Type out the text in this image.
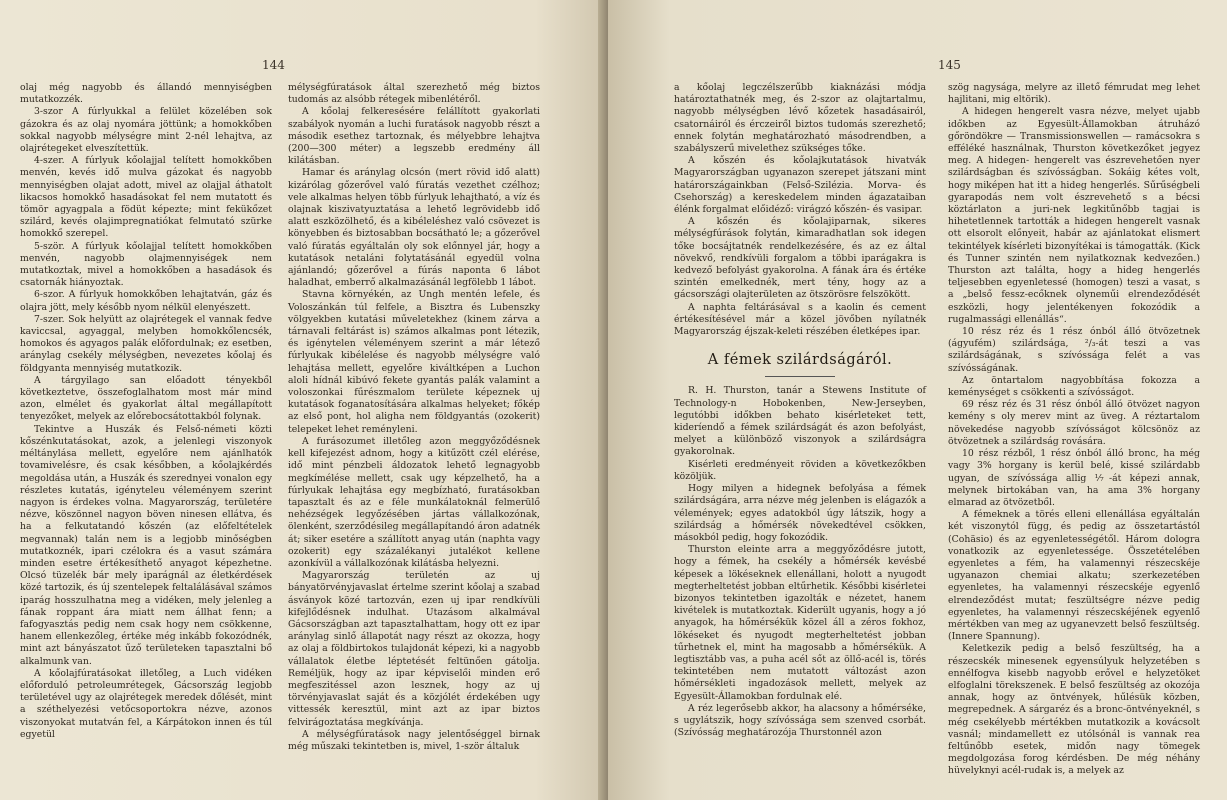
144

olaj még nagyobb és állandó mennyiségben mutatkozzék.

3-szor A fúrlyukkal a felület közelében sok gázokra és az olaj nyomára jöttünk; a homokkőben sokkal nagyobb mélységre mint 2-nél lehajtva, az olajrétegeket elveszítettük.

4-szer. A fúrlyuk kőolajjal telített homokkőben menvén, kevés idő mulva gázokat és nagyobb mennyiségben olajat adott, mivel az olajjal áthatolt likacsos homokkő hasadásokat fel nem mutatott és tömör agyagpala a födüt képezte; mint fekükőzet szilárd, kevés olajimpregnatiókat felmutató szürke homokkő szerepel.

5-ször. A fúrlyuk kőolajjal telített homokkőben menvén, nagyobb olajmennyiségek nem mutatkoztak, mivel a homokkőben a hasadások és csatornák hiányoztak.

6-szor. A fúrlyuk homokkőben lehajtatván, gáz és olajra jött, mely később nyom nélkül elenyészett.

7-szer. Sok helyütt az olajrétegek el vannak fedve kaviccsal, agyaggal, melyben homokkőlencsék, homokos és agyagos palák előfordulnak; ez esetben, aránylag csekély mélységben, nevezetes kőolaj és földgyanta mennyiség mutatkozik.

A tárgyilago san előadott tényekből következtetve, összefoglalhatom most már mind azon, elmélet és gyakorlat által megállapított tenyezőket, melyek az előrebocsátottakból folynak.

Tekintve a Huszák és Felső-németi közti kőszénkutatásokat, azok, a jelenlegi viszonyok méltánylása mellett, egyelőre nem ajánlhatók tovamivelésre, és csak későbben, a kőolajkérdés megoldása után, a Huszák és szerednyei vonalon egy részletes kutatás, igényteleu véleményem szerint nagyon is érdekes volna. Magyarország, területére nézve, köszönnel nagyon böven ninesen ellátva, és ha a felkutatandó kőszén (az előfeltételek megvannak) talán nem is a legjobb minőségben mutatkoznék, ipari czélokra és a vasut számára minden esetre értékesíthető anyagot képezhetne. Olcsó tüzelék bár mely iparágnál az életkérdések közé tartozik, és új szentelepek feltalálásával számos iparág hosszulhatna meg a vidéken, mely jelenleg a fának roppant ára miatt nem állhat fenn; a fafogyasztás pedig nem csak hogy nem csökkenne, hanem ellenkezőleg, értéke még inkább fokozódnék, mint azt bányászatot űző területeken tapasztalni bő alkalmunk van.

A kőolajfúratásokat illetőleg, a Luch vidéken előforduló petroleumrétegek, Gácsország legjobb területével ugy az olajrétegek meredek dőlését, mint a széthelyezési vetőcsoportokra nézve, azonos viszonyokat mutatván fel, a Kárpátokon innen és túl egyetül

mélységfúratások által szerezhető még biztos tudomás az alsóbb rétegek mibenlétéről.

A kőolaj felkeresésére felállított gyakorlati szabályok nyomán a luchi furatások nagyobb részt a második esethez tartoznak, és mélyebbre lehajtva (200—300 méter) a legszebb eredmény áll kilátásban.

Hamar és aránylag olcsón (mert rövid idő alatt) kizárólag gőzerővel való fúratás vezethet czélhoz; vele alkalmas helyen több fúrlyuk lehajtható, a víz és olajnak kiszivatyuztatása a lehető legrövidebb idő alatt eszközölhető, és a kibéleléshez való csövezet is könyebben és biztosabban bocsátható le; a gőzerővel való fúratás egyáltalán oly sok előnnyel jár, hogy a kutatások netaláni folytatásánál egyedül volna ajánlandó; gőzerővel a fúrás naponta 6 lábot haladhat, emberrő alkalmazásánál legfölebb 1 lábot.

Stavna környékén, az Ungh mentén lefele, és Voloszánkán túl felfele, a Bisztra és Lubenszky völgyekben kutatási műveletekhez (kinem zárva a tárnavali feltárást is) számos alkalmas pont létezik, és igénytelen véleményem szerint a már létező fúrlyukak kibélelése és nagyobb mélységre való lehajtása mellett, egyelőre kiváltképen a Luchon aloli hídnál kibúvó fekete gyantás palák valamint a voloszonkai fűrészmalom területe képeznek uj kutatások foganatosítására alkalmas helyeket; főkép az első pont, hol aligha nem földgyantás (ozokerit) telepeket lehet reményleni.

A furásozumet illetőleg azon meggyőződésnek kell kifejezést adnom, hogy a kitűzött czél elérése, idő mint pénzbeli áldozatok lehető legnagyobb megkímélése mellett, csak ugy képzelhető, ha a fúrlyukak lehajtása egy megbízható, furatásokban tapasztalt és az e féle munkálatoknál felmerülő nehézségek legyőzésében jártas vállalkozónak, ölenként, szerződésileg megállapítandó áron adatnék át; siker esetére a szállított anyag után (naphta vagy ozokerit) egy százalékanyi jutalékot kellene azonkívül a vállalkozónak kilátásba helyezni.

Magyarország területén az uj bányatörvényjavaslat értelme szerint kőolaj a szabad ásványok közé tartozván, ezen uj ipar rendkívüli kifejlődésnek indulhat. Utazásom alkalmával Gácsországban azt tapasztalhattam, hogy ott ez ipar aránylag sinlő állapotát nagy részt az okozza, hogy az olaj a földbirtokos tulajdonát képezi, ki a nagyobb vállalatok életbe léptetését feltünően gátolja. Reméljük, hogy az ipar képviselői minden erő megfeszitéssel azon lesznek, hogy az uj törvényjavaslat saját és a közjólét érdekében ugy vittessék keresztül, mint azt az ipar biztos felvirágoztatása megkívánja.

A mélységfúratások nagy jelentőséggel birnak még műszaki tekintetben is, mivel, 1-ször általuk

145

a kőolaj legczélszerűbb kiaknázási módja határoztathatnék meg, és 2-szor az olajtartalmu, nagyobb mélységben lévő kőzetek hasadásairól, csatornáiról és érczeiről biztos tudomás szerezhető; ennek folytán meghatározható másodrendben, a szabályszerű mivelethez szükséges tőke.

A kőszén és kőolajkutatások hivatvák Magyarországban ugyanazon szerepet játszani mint határországainkban (Felső-Szilézia. Morva- és Csehország) a kereskedelem minden ágazataiban élénk forgalmat előidéző: virágzó kőszén- és vasipar.

A kőszén és kőolajiparnak, sikeres mélységfúrások folytán, kimaradhatlan sok idegen tőke bocsájtatnék rendelkezésére, és az ez által növekvő, rendkívüli forgalom a többi iparágakra is kedvező befolyást gyakorolna. A fának ára és értéke szintén emelkednék, mert tény, hogy az a gácsországi olajterületen az ötszörösre felszökött.

A naphta feltárásával s a kaolin és cement értékesítésével már a közel jövőben nyílatnék Magyarország éjszak-keleti részében életképes ipar.

A fémek szilárdságáról.

R. H. Thurston, tanár a Stewens Institute of Technology-n Hobokenben, New-Jerseyben, legutóbbi időkben behato kisérleteket tett, kideríendő a fémek szilárdságát és azon befolyást, melyet a különböző viszonyok a szilárdságra gyakorolnak.

Kisérleti eredményeit röviden a következőkben közöljük.

Hogy milyen a hidegnek befolyása a fémek szilárdságára, arra nézve még jelenben is elágazók a vélemények; egyes adatokból úgy látszik, hogy a szilárdság a hőmérsék növekedtével csökken, másokból pedig, hogy fokozódik.

Thurston eleinte arra a meggyőződésre jutott, hogy a fémek, ha csekély a hőmérsék kevésbé képesek a lökéseknek ellenállani, holott a nyugodt megterheltetést jobban eltűrhetik. Későbbi kisérletei bizonyos tekintetben igazolták e nézetet, hanem kivételek is mutatkoztak. Kiderült ugyanis, hogy a jó anyagok, ha hőmérsékük közel áll a zéros fokhoz, lökéseket és nyugodt megterheltetést jobban tűrhetnek el, mint ha magosabb a hőmérsékük. A legtisztább vas, a puha acél sőt az öllő-acél is, törés tekintetében nem mutatott változást azon hőmérsékleti ingadozások mellett, melyek az Egyesült-Államokban fordulnak elé.

A réz legerősebb akkor, ha alacsony a hőmérséke, s ugylátszik, hogy szívóssága sem szenved csorbát. (Szívósság meghatározója Thurstonnél azon

szög nagysága, melyre az illető fémrudat meg lehet hajlitani, mig eltörik).

A hidegen hengerelt vasra nézve, melyet ujabb időkben az Egyesült-Államokban átruházó gőröndökre — Transmissionswellen — ramácsokra s efféléké használnak, Thurston következőket jegyez meg. A hidegen- hengerelt vas észrevehetően nyer szilárdságban és szívósságban. Sokáig kétes volt, hogy miképen hat itt a hideg hengerlés. Sűrűségbeli gyarapodás nem volt észrevehető s a bécsi köztárlaton a juri-nek legkitűnőbb tagjai is hihetetlennek tartották a hidegen hengerelt vasnak ott elsorolt előnyeit, habár az ajánlatokat elismert tekintélyek kísérleti bizonyítékai is támogatták. (Kick és Tunner szintén nem nyilatkoznak kedvezően.) Thurston azt találta, hogy a hideg hengerlés teljesebben egyenletessé (homogen) teszi a vasat, s a „belső fessz-ecőknek olyneműi elrendeződését eszközli, hogy jelentékenyen fokozódik a rugalmassági ellenállás“.

10 rész réz és 1 rész ónból álló ötvözetnek (ágyufém) szilárdsága, ²/₃-át teszi a vas szilárdságának, s szívóssága felét a vas szívósságának.

Az öntartalom nagyobbítása fokozza a keménységet s csökkenti a szívósságot.

69 rész réz és 31 rész ónból álló ötvözet nagyon kemény s oly merev mint az üveg. A réztartalom növekedése nagyobb szívósságot kölcsönöz az ötvözetnek a szilárdság rovására.

10 rész rézből, 1 rész ónból álló bronc, ha még vagy 3% horgany is kerül belé, kissé szilárdabb ugyan, de szívóssága allig ⅐-át képezi annak, melynek birtokában van, ha ama 3% horgany elmarad az ötvözetből.

A fémeknek a törés elleni ellenállása egyáltalán két viszonytól függ, és pedig az összetartástól (Cohäsio) és az egyenletességétől. Három dologra vonatkozik az egyenletessége. Összetételében egyenletes a fém, ha valamennyi részecskéje ugyanazon chemiai alkatu; szerkezetében egyenletes, ha valamennyi részecskéje egyenlő elrendeződést mutat; feszültségre nézve pedig egyenletes, ha valamennyi részecskéjének egyenlő mértékben van meg az ugyanevzett belső feszültség. (Innere Spannung).

Keletkezik pedig a belső feszültség, ha a részecskék minesenek egyensúlyuk helyzetében s ennélfogva kisebb nagyobb erővel e helyzetöket elfoglalni törekszenek. E belső feszültség az okozója annak, hogy az öntvények, hűlésük közben, megrepednek. A sárgaréz és a bronc-öntvényeknél, s még csekélyebb mértékben mutatkozik a kovácsolt vasnál; mindamellett ez utólsónál is vannak rea feltűnőbb esetek, midőn nagy tömegek megdolgozása forog kérdésben. De még néhány hüvelyknyi acél-rudak is, a melyek az
